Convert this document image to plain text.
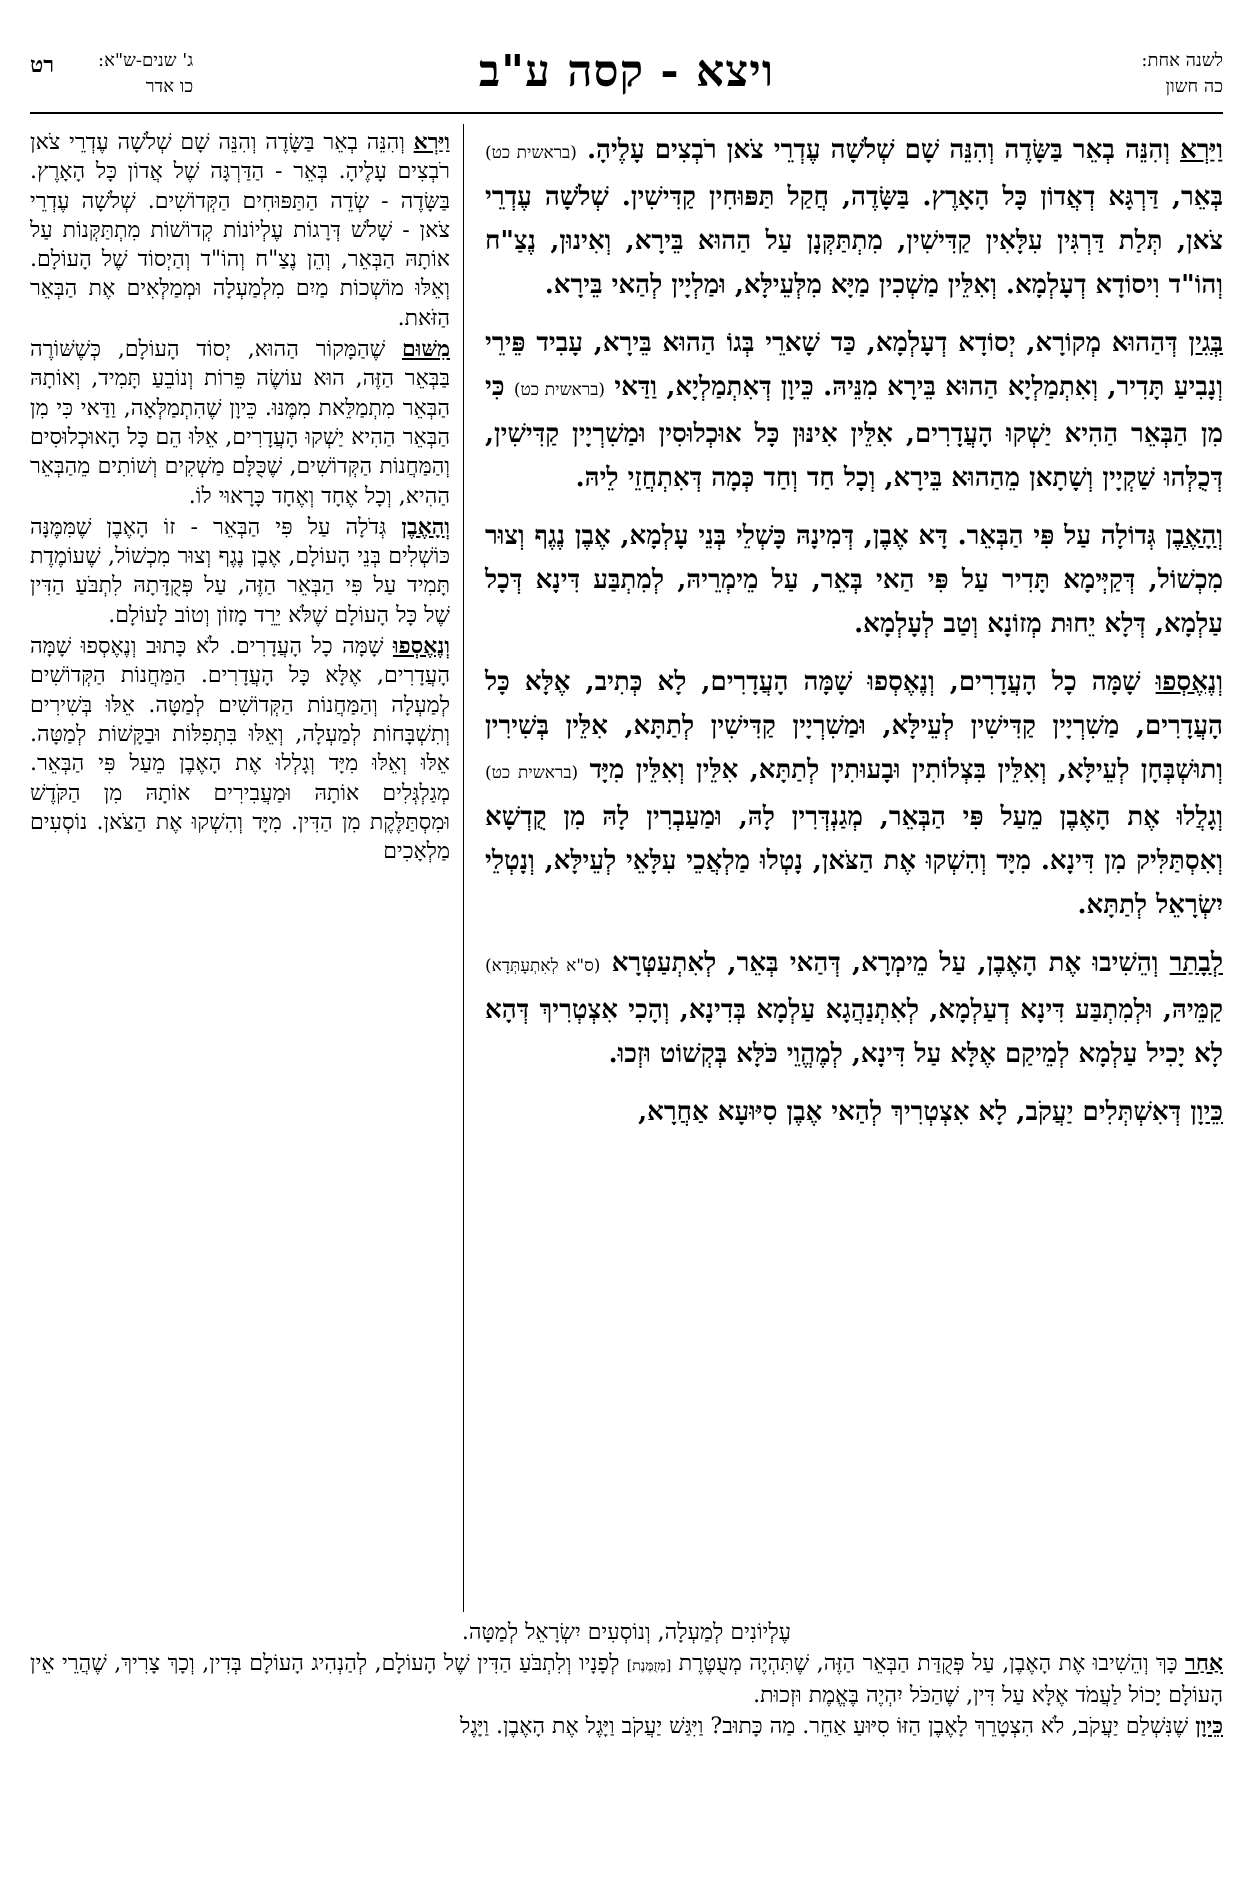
לשנה אחת:
כה חשון
ויצא - קסה ע"ב
ג' שנים-ש"א:
כו אדר
רט

וַיַּרְא וְהִנֵּה בְאֵר בַּשָּׂדֶה וְהִנֵּה שָׁם שְׁלֹשָׁה עֶדְרֵי צֹאן רֹבְצִים עָלֶיהָ. (בראשית כט) בְּאֵר, דַּרְגָּא דְאֲדוֹן כָּל הָאָרֶץ. בַּשָּׂדֶה, חֲקַל תַּפּוּחִין קַדִּישִׁין. שְׁלֹשָׁה עֶדְרֵי צֹאן, תְּלַת דַּרְגִּין עִלָּאִין קַדִּישִׁין, מִתְתַּקְּנָן עַל הַהוּא בֵּירָא, וְאִינוּן, נֶצַ"ח וְהוֹ"ד וִיסוֹדָא דְעָלְמָא. וְאִלֵּין מַשְׁכִין מַיָּא מִלְּעֵילָּא, וּמַלְיָין לְהַאי בֵּירָא.

בְּגִין דְּהַהוּא מְקוֹרָא, יְסוֹדָא דְעָלְמָא, כַּד שָׁארֵי בְּגוֹ הַהוּא בֵּירָא, עָבִיד פֵּירֵי וְנָבִיעַ תָּדִיר, וְאִתְמַלְיָא הַהוּא בֵּירָא מִנֵּיהּ. כֵּיוָן דְּאִתְמַלְיָא, וַדַּאי (בראשית כט) כִּי מִן הַבְּאֵר הַהִיא יַשְׁקוּ הָעֲדָרִים, אִלֵּין אִינּוּן כָּל אוּכְלוּסִין וּמַשִׁרְיָין קַדִּישִׁין, דְּכֻלְּהוּ שַׁקְיָין וְשָׁתָאן מֵהַהוּא בֵּירָא, וְכָל חַד וְחַד כְּמָה דְּאִתְחֲזֵי לֵיהּ.

וְהָאֶבֶן גְּדוֹלָה עַל פִּי הַבְּאֵר. דָּא אֶבֶן, דְּמִינָהּ כָּשְׁלֵי בְּנֵי עָלְמָא, אֶבֶן נֶגֶף וְצוּר מִכְשׁוֹל, דְּקַיְּימָא תָּדִיר עַל פִּי הַאי בְּאֵר, עַל מֵימְרֵיהּ, לְמִתְבַּע דִּינָא דְּכָל עַלְמָא, דְּלָא יֵחוּת מְזוֹנָא וְטַב לְעָלְמָא.

וְנֶאֶסְפוּ שָׁמָּה כָל הָעֲדָרִים, וְנֶאֶסְפוּ שָׁמָּה הָעֲדָרִים, לָא כְּתִיב, אֶלָּא כָּל הָעֲדָרִים, מַשִׁרְיָין קַדִּישִׁין לְעֵילָּא, וּמַשִׁרְיָין קַדִּישִׁין לְתַתָּא, אִלֵּין בְּשִׁירִין וְתוּשְׁבְּחָן לְעֵילָּא, וְאִלֵּין בִּצְלוֹתִין וּבָעוּתִין לְתַתָּא, אִלֵּין וְאִלֵּין מִיָּד (בראשית כט) וְגָלֲלוּ אֶת הָאֶבֶן מֵעַל פִּי הַבְּאֵר, מְגַנְדְּרִין לָהּ, וּמַעַבְרִין לָהּ מִן קֻדְשָׁא וְאִסְתַּלִּיק מִן דִּינָא. מִיָּד וְהִשְׁקוּ אֶת הַצֹּאן, נָטְלוּ מַלְאֲכֵי עִלָּאֵי לְעֵילָּא, וְנָטְלֵי יִשְׂרָאֵל לְתַתָּא.

לְבָתַר וְהֵשִׁיבוּ אֶת הָאֶבֶן, עַל מֵימְרָא, דְּהַאי בְּאֵר, לְאִתְעַטְּרָא (ס"א לְאִתְעָתְּדָא) קַמֵּיהּ, וּלְמִתְבַּע דִּינָא דְעַלְמָא, לְאִתְנַהֲגָא עַלְמָא בְּדִינָא, וְהָכִי אִצְטְרִיךְ דְּהָא לָא יָכִיל עַלְמָא לְמֵיקַם אֶלָּא עַל דִּינָא, לְמֶהֱוֵי כֹּלָּא בְּקְשׁוֹט וּזְכוּ.

כֵּיוָן דְּאִשְׁתְּלִים יַעֲקֹב, לָא אִצְטְרִיךְ לְהַאי אֶבֶן סִיּוּעָא אַחֲרָא,

וַיַּרְא וְהִנֵּה בְאֵר בַּשָּׂדֶה וְהִנֵּה שָׁם שְׁלֹשָׁה עֶדְרֵי צֹאן רֹבְצִים עָלֶיהָ. בְּאֵר - הַדַּרְגָּה שֶׁל אֲדוֹן כָּל הָאָרֶץ. בַּשָּׂדֶה - שְׂדֵה הַתַּפּוּחִים הַקְּדוֹשִׁים. שְׁלֹשָׁה עֶדְרֵי צֹאן - שָׁלֹשׁ דְּרָגוֹת עֶלְיוֹנוֹת קְדוֹשׁוֹת מִתְתַּקְּנוֹת עַל אוֹתָהּ הַבְּאֵר, וְהֵן נֶצַ"ח וְהוֹ"ד וְהַיְסוֹד שֶׁל הָעוֹלָם. וְאֵלּוּ מוֹשְׁכוֹת מַיִם מִלְמַעְלָה וּמְמַלְּאִים אֶת הַבְּאֵר הַזֹּאת.

מִשּׁוּם שֶׁהַמָּקוֹר הַהוּא, יְסוֹד הָעוֹלָם, כְּשֶׁשּׁוֹרֶה בַּבְּאֵר הַזֶּה, הוּא עוֹשֶׂה פֵּרוֹת וְנוֹבֵעַ תָּמִיד, וְאוֹתָהּ הַבְּאֵר מִתְמַלֵּאת מִמֶּנּוּ. כֵּיוָן שֶׁהִתְמַלְּאָה, וַדַּאי כִּי מִן הַבְּאֵר הַהִיא יַשְׁקוּ הָעֲדָרִים, אֵלּוּ הֵם כָּל הָאוּכְלוּסִים וְהַמַּחֲנוֹת הַקְּדוֹשִׁים, שֶׁכֻּלָּם מַשְׁקִים וְשׁוֹתִים מֵהַבְּאֵר הַהִיא, וְכָל אֶחָד וְאֶחָד כָּרָאוּי לוֹ.

וְהָאֶבֶן גְּדֹלָה עַל פִּי הַבְּאֵר - זוֹ הָאֶבֶן שֶׁמִּמֶּנָּה כּוֹשְׁלִים בְּנֵי הָעוֹלָם, אֶבֶן נֶגֶף וְצוּר מִכְשׁוֹל, שֶׁעוֹמֶדֶת תָּמִיד עַל פִּי הַבְּאֵר הַזֶּה, עַל פְּקֻדָּתָהּ לִתְבֹּעַ הַדִּין שֶׁל כָּל הָעוֹלָם שֶׁלֹּא יֵרֵד מָזוֹן וְטוֹב לָעוֹלָם.

וְנֶאֶסְפוּ שָׁמָּה כָל הָעֲדָרִים. לֹא כָּתוּב וְנֶאֶסְפוּ שָׁמָּה הָעֲדָרִים, אֶלָּא כָּל הָעֲדָרִים. הַמַּחֲנוֹת הַקְּדוֹשִׁים לְמַעְלָה וְהַמַּחֲנוֹת הַקְּדוֹשִׁים לְמַטָּה. אֵלּוּ בְּשִׁירִים וְתִשְׁבָּחוֹת לְמַעְלָה, וְאֵלּוּ בִּתְפִלּוֹת וּבַקָּשׁוֹת לְמַטָּה. אֵלּוּ וְאֵלּוּ מִיָּד וְגָלְלוּ אֶת הָאֶבֶן מֵעַל פִּי הַבְּאֵר. מְגַלְגְּלִים אוֹתָהּ וּמַעֲבִירִים אוֹתָהּ מִן הַקֹּדֶשׁ וּמִסְתַּלֶּקֶת מִן הַדִּין. מִיָּד וְהִשְׁקוּ אֶת הַצֹּאן. נוֹסְעִים מַלְאָכִים

עֶלְיוֹנִים לְמַעְלָה, וְנוֹסְעִים יִשְׂרָאֵל לְמַטָּה.

אַחַר כָּךְ וְהֵשִׁיבוּ אֶת הָאֶבֶן, עַל פְּקֻדַּת הַבְּאֵר הַזֶּה, שֶׁתִּהְיֶה מְעֻטֶּרֶת [מְזֻמֶּנֶת] לְפָנָיו וְלִתְבֹּעַ הַדִּין שֶׁל הָעוֹלָם, לְהַנְהִיג הָעוֹלָם בְּדִין, וְכָךְ צָרִיךְ, שֶׁהֲרֵי אֵין הָעוֹלָם יָכוֹל לַעֲמֹד אֶלָּא עַל דִּין, שֶׁהַכֹּל יִהְיֶה בֶּאֱמֶת וּזְכוּת.

כֵּיוָן שֶׁנִּשְׁלַם יַעֲקֹב, לֹא הִצְטָרֵךְ לָאֶבֶן הַזּוֹ סִיּוּעַ אַחֵר. מַה כָּתוּב? וַיִּגַּשׁ יַעֲקֹב וַיָּגֶל אֶת הָאֶבֶן. וַיָּגֶל
